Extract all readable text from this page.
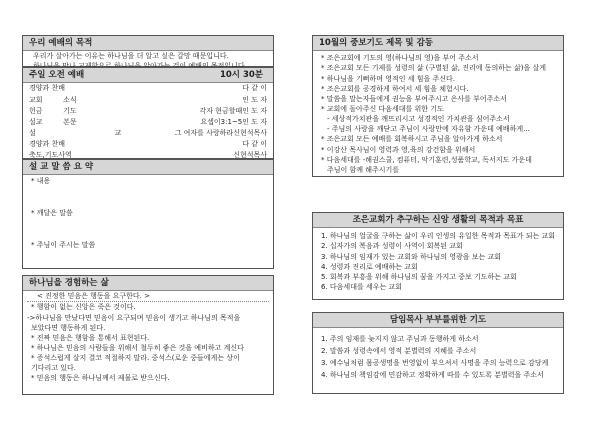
우리 예배의 목적
우리가 살아가는 이유는 하나님을 더 알고 싶은 갈망 때문입니다.
주일 오전 예배	10시 30분
경양과 찬배	다 같 이
교회	소식	인 도 자
헌금	기도	각자 현금할때 인 도 자
설교	본문	요셉이3:1~5 인 도 자
설	교	그 여자를 사랑하라 신현석목사
경양과 찬배	다 같 이
축도,기도사역	신현석목사
설 교 말 씀 요 약
* 내용
* 깨달은 말씀
* 주님이 주시는 말씀
하나님을 경험하는 삶
< 진정한 믿음은 행동을 요구한다. >
* 행함이 없는 신앙은 죽은 것이다.
->하나님을 만났다면 믿음이 요구되며 믿음이 생기고 하나님의 목적을
보았다면 행동하게 된다.
* 진짜 믿음은 행함을 통해서 표현된다.
* 하나님은 믿음의 사람들을 위해서 철두히 좋은 것을 예비하고 계신다
* 증석스럽게 살지 결코 적절하지 말라. 중석스(로운 중들에게는 상이
기다리고 있다.
* 믿음의 행동은 하나님께서 제물로 받으신다.
10월의 중보기도 제목 및 감동
* 조은교회에 기도의 영(하나님의 영)을 부어 주소서
* 조은교회 모든 기제를 성령의 삶 (구별된 삶, 진리에 동의하는 삶)을 살게
* 하나님을 기뻐하며 영적인 세 힘을 주신다.
* 조은교회를 공경하게 하여서 세 힘을 체험시다.
* 말씀을 말는자들에게 권능을 부여주시고 은사를 부어주소서
* 교회에 돌아주신 다음세대를 위한 기도
- 세상적가치관을 깨뜨리시고 성경적인 가치관을 심어주소서
- 주님의 사랑을 깨닫고 주님이 사랑만에 자유함 가운데 예배하게...
* 조은교회 모든 예배를 회복하시고 주님을 알아가게 하소서
* 이강산 목사님이 영력과 영,육의 강건함을 위해서
* 다음세대를 -해권스쿨, 컴퓨터, 악기훈련,성품학교, 독서지도 가운데
주님이 함께 해주시기를
조은교회가 추구하는 신앙 생활의 목적과 목표
1. 하나님의 얼굴을 구하는 삶이 우리 인생의 유일한 목적과 목표가 되는 교회
2. 십자가의 복음과 성령이 사역이 회복된 교회
3. 하나님의 임재가 있는 교회와 하나님의 영광을 보는 교회
4. 성령과 진리로 예배하는 교회
5. 회복과 부흥을 위해 하나님의 꿈을 가지고 중보 기도하는 교회
6. 다음세대를 세우는 교회
담임목사 부부를위한 기도
1. 주의 임재를 늦지지 않고 주님과 동행하게 하소서
2. 말씀과 성령속에서 영적 분별력의 지혜를 주소서
3. 예수님처럼 몸공생명을 번영없이 부으셔서 사명을 주의 능력으로 감당케
4. 하나님의 책임감에 민감하고 정확하게 따를 수 있도록 분별력을 주소서
